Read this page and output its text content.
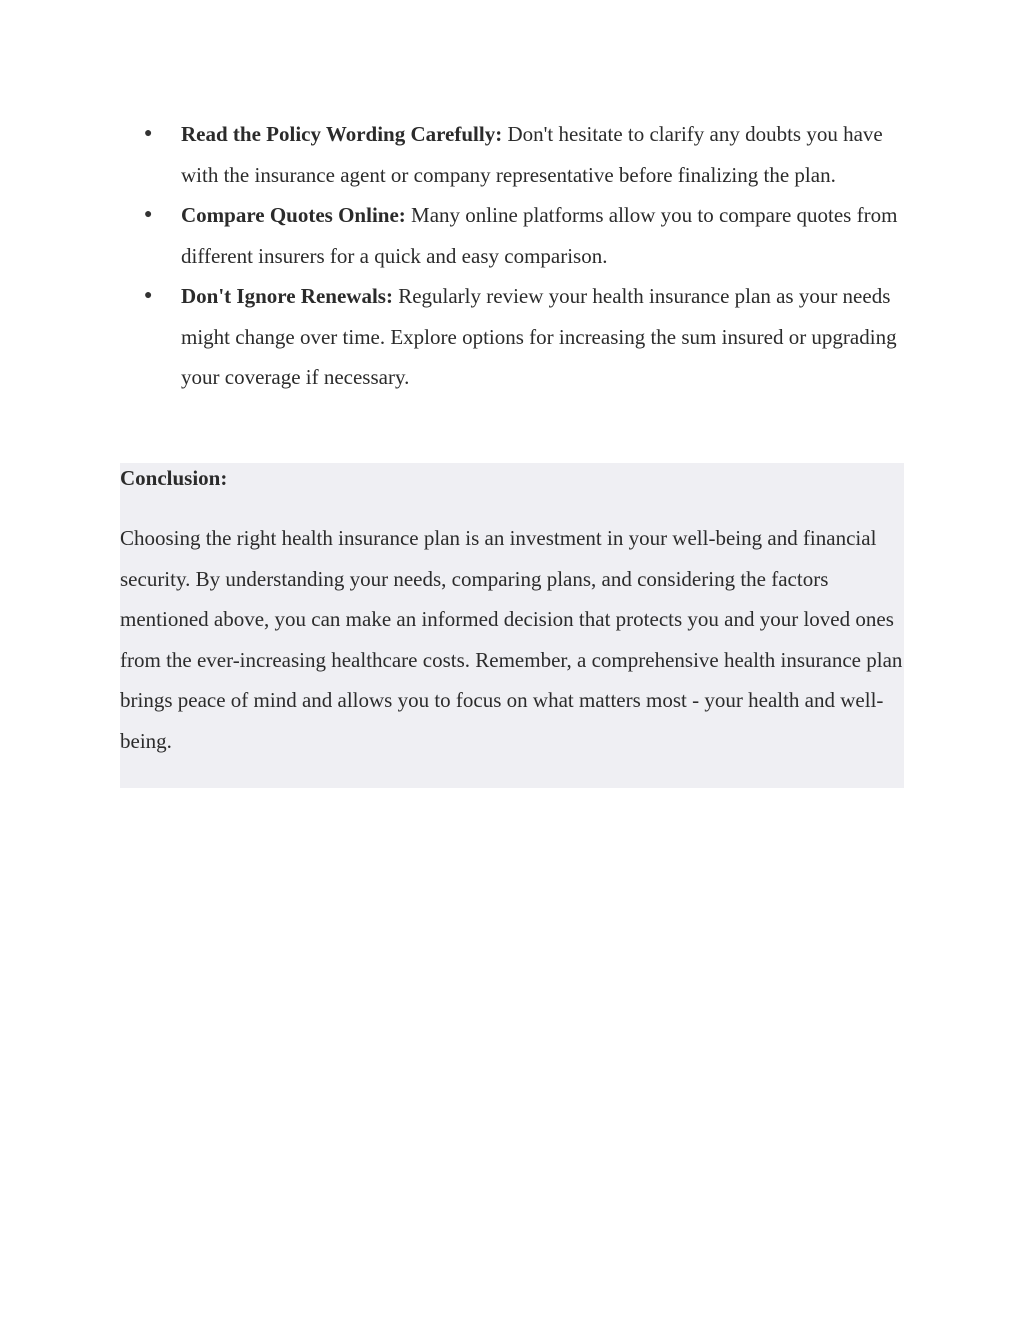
● Read the Policy Wording Carefully: Don't hesitate to clarify any doubts you have with the insurance agent or company representative before finalizing the plan.
● Compare Quotes Online: Many online platforms allow you to compare quotes from different insurers for a quick and easy comparison.
● Don't Ignore Renewals: Regularly review your health insurance plan as your needs might change over time. Explore options for increasing the sum insured or upgrading your coverage if necessary.
Conclusion:

Choosing the right health insurance plan is an investment in your well-being and financial security. By understanding your needs, comparing plans, and considering the factors mentioned above, you can make an informed decision that protects you and your loved ones from the ever-increasing healthcare costs. Remember, a comprehensive health insurance plan brings peace of mind and allows you to focus on what matters most - your health and well-being.
